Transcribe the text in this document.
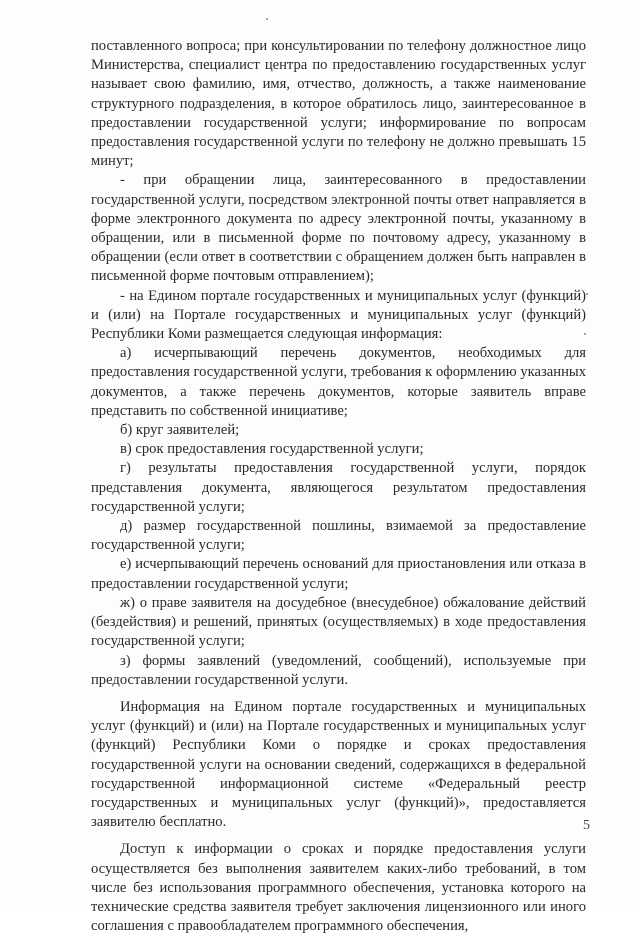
поставленного вопроса; при консультировании по телефону должностное лицо Министерства, специалист центра по предоставлению государственных услуг называет свою фамилию, имя, отчество, должность, а также наименование структурного подразделения, в которое обратилось лицо, заинтересованное в предоставлении государственной услуги; информирование по вопросам предоставления государственной услуги по телефону не должно превышать 15 минут;

- при обращении лица, заинтересованного в предоставлении государственной услуги, посредством электронной почты ответ направляется в форме электронного документа по адресу электронной почты, указанному в обращении, или в письменной форме по почтовому адресу, указанному в обращении (если ответ в соответствии с обращением должен быть направлен в письменной форме почтовым отправлением);

- на Едином портале государственных и муниципальных услуг (функций) и (или) на Портале государственных и муниципальных услуг (функций) Республики Коми размещается следующая информация:

а) исчерпывающий перечень документов, необходимых для предоставления государственной услуги, требования к оформлению указанных документов, а также перечень документов, которые заявитель вправе представить по собственной инициативе;

б) круг заявителей;

в) срок предоставления государственной услуги;

г) результаты предоставления государственной услуги, порядок представления документа, являющегося результатом предоставления государственной услуги;

д) размер государственной пошлины, взимаемой за предоставление государственной услуги;

е) исчерпывающий перечень оснований для приостановления или отказа в предоставлении государственной услуги;

ж) о праве заявителя на досудебное (внесудебное) обжалование действий (бездействия) и решений, принятых (осуществляемых) в ходе предоставления государственной услуги;

з) формы заявлений (уведомлений, сообщений), используемые при предоставлении государственной услуги.

Информация на Едином портале государственных и муниципальных услуг (функций) и (или) на Портале государственных и муниципальных услуг (функций) Республики Коми о порядке и сроках предоставления государственной услуги на основании сведений, содержащихся в федеральной государственной информационной системе «Федеральный реестр государственных и муниципальных услуг (функций)», предоставляется заявителю бесплатно.

Доступ к информации о сроках и порядке предоставления услуги осуществляется без выполнения заявителем каких-либо требований, в том числе без использования программного обеспечения, установка которого на технические средства заявителя требует заключения лицензионного или иного соглашения с правообладателем программного обеспечения,

5
